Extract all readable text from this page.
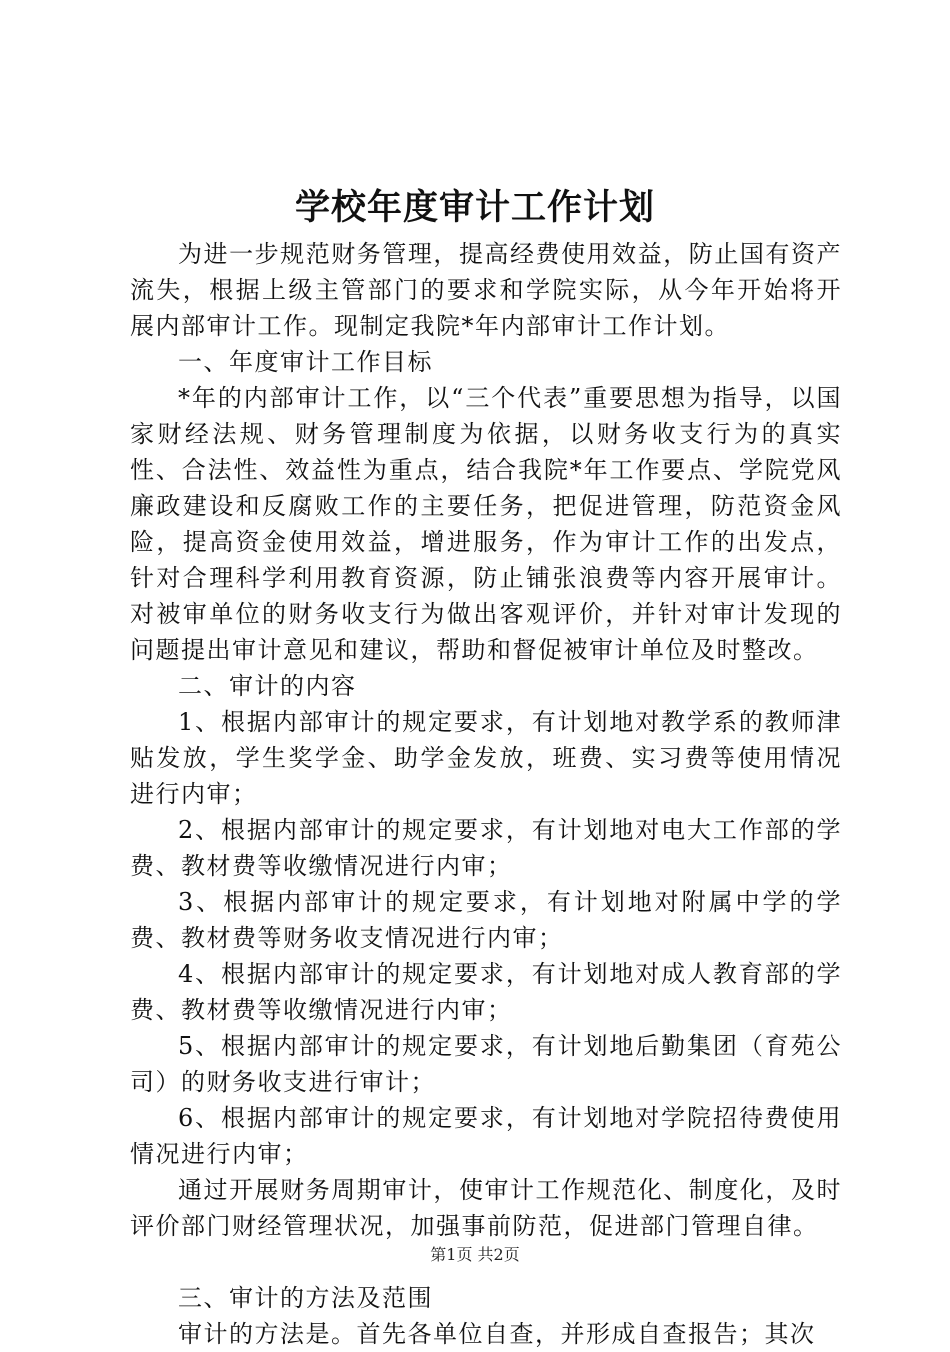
学校年度审计工作计划

为进一步规范财务管理，提高经费使用效益，防止国有资产流失，根据上级主管部门的要求和学院实际，从今年开始将开展内部审计工作。现制定我院*年内部审计工作计划。

一、年度审计工作目标

*年的内部审计工作，以“三个代表”重要思想为指导，以国家财经法规、财务管理制度为依据，以财务收支行为的真实性、合法性、效益性为重点，结合我院*年工作要点、学院党风廉政建设和反腐败工作的主要任务，把促进管理，防范资金风险，提高资金使用效益，增进服务，作为审计工作的出发点，针对合理科学利用教育资源，防止铺张浪费等内容开展审计。对被审单位的财务收支行为做出客观评价，并针对审计发现的问题提出审计意见和建议，帮助和督促被审计单位及时整改。

二、审计的内容

1、根据内部审计的规定要求，有计划地对教学系的教师津贴发放，学生奖学金、助学金发放，班费、实习费等使用情况进行内审；

2、根据内部审计的规定要求，有计划地对电大工作部的学费、教材费等收缴情况进行内审；

3、根据内部审计的规定要求，有计划地对附属中学的学费、教材费等财务收支情况进行内审；

4、根据内部审计的规定要求，有计划地对成人教育部的学费、教材费等收缴情况进行内审；

5、根据内部审计的规定要求，有计划地后勤集团（育苑公司）的财务收支进行审计；

6、根据内部审计的规定要求，有计划地对学院招待费使用情况进行内审；

通过开展财务周期审计，使审计工作规范化、制度化，及时评价部门财经管理状况，加强事前防范，促进部门管理自律。

三、审计的方法及范围

审计的方法是。首先各单位自查，并形成自查报告；其次

第1页 共2页
